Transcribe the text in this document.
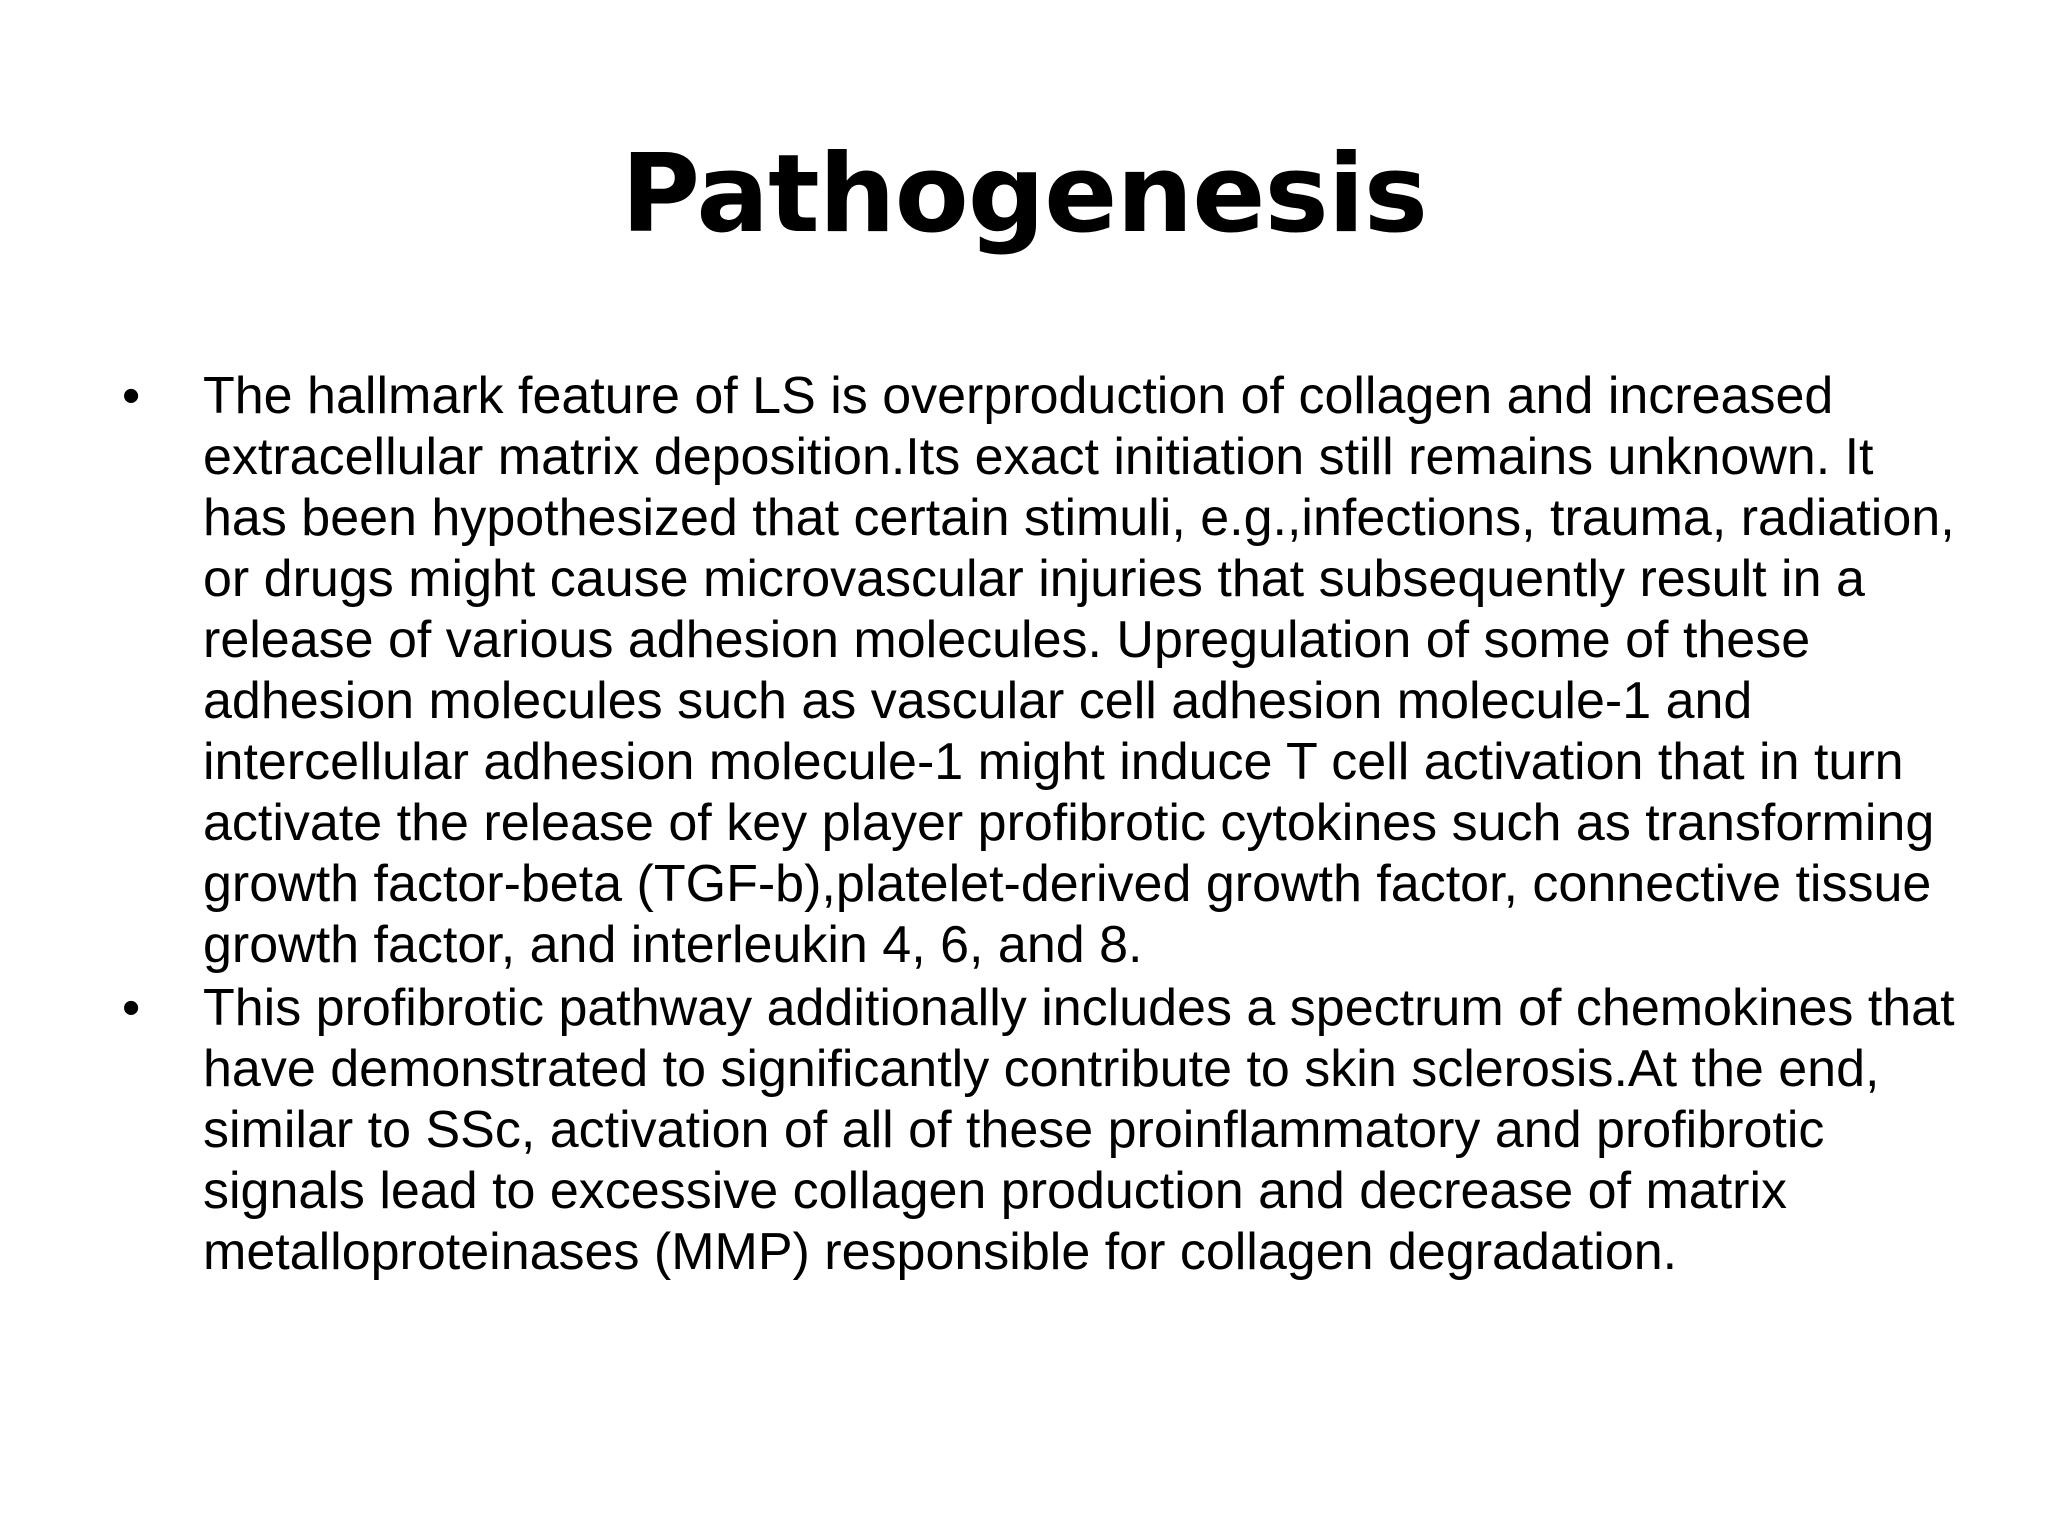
Pathogenesis
• The hallmark feature of LS is overproduction of collagen and increased extracellular matrix deposition.Its exact initiation still remains unknown. It has been hypothesized that certain stimuli, e.g.,infections, trauma, radiation, or drugs might cause microvascular injuries that subsequently result in a release of various adhesion molecules. Upregulation of some of these adhesion molecules such as vascular cell adhesion molecule-1 and intercellular adhesion molecule-1 might induce T cell activation that in turn activate the release of key player profibrotic cytokines such as transforming growth factor-beta (TGF-b),platelet-derived growth factor, connective tissue growth factor, and interleukin 4, 6, and 8.
• This profibrotic pathway additionally includes a spectrum of chemokines that have demonstrated to significantly contribute to skin sclerosis.At the end, similar to SSc, activation of all of these proinflammatory and profibrotic signals lead to excessive collagen production and decrease of matrix metalloproteinases (MMP) responsible for collagen degradation.
